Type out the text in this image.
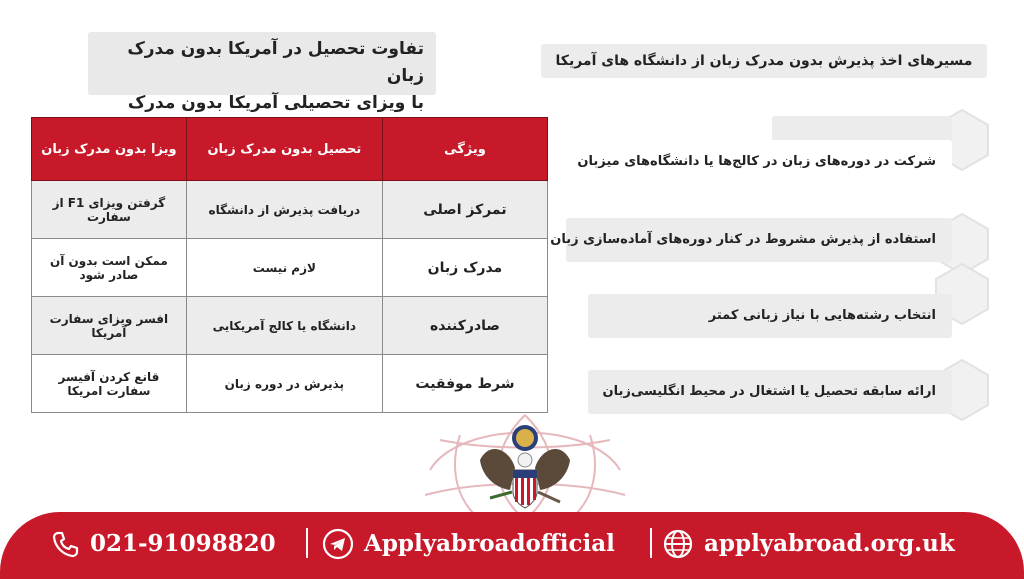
تفاوت تحصیل در آمریکا بدون مدرک زبان
با ویزای تحصیلی آمریکا بدون مدرک
مسیرهای اخذ پذیرش بدون مدرک زبان از دانشگاه های آمریکا
ویژگی	تحصیل بدون مدرک زبان	ویزا بدون مدرک زبان
تمرکز اصلی	دریافت پذیرش از دانشگاه	گرفتن ویزای F1 از سفارت
مدرک زبان	لازم نیست	ممکن است بدون آن صادر شود
صادرکننده	دانشگاه یا کالج آمریکایی	افسر ویزای سفارت آمریکا
شرط موفقیت	پذیرش در دوره زبان	قانع کردن آفیسر سفارت امریکا
شرکت در دوره‌های زبان در کالج‌ها یا دانشگاه‌های میزبان
استفاده از پذیرش مشروط در کنار دوره‌های آماده‌سازی زبان
انتخاب رشته‌هایی با نیاز زبانی کمتر
ارائه سابقه تحصیل یا اشتغال در محیط انگلیسی‌زبان
021-91098820	Applyabroadofficial	applyabroad.org.uk
